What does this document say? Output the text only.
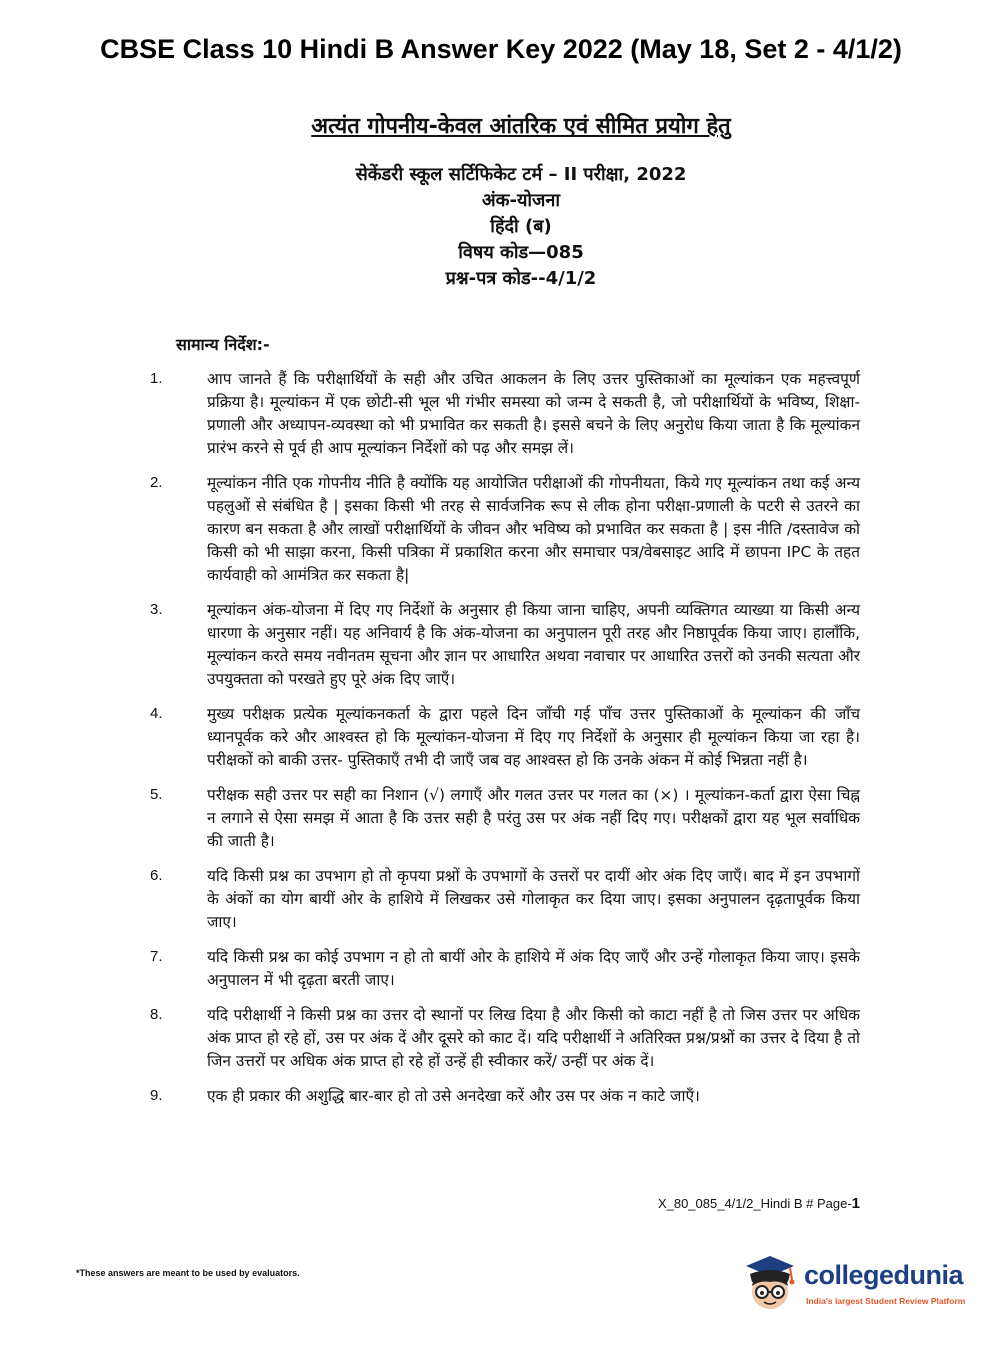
CBSE Class 10 Hindi B Answer Key 2022 (May 18, Set 2 - 4/1/2)
अत्यंत गोपनीय-केवल आंतरिक एवं सीमित प्रयोग हेतु
सेकेंडरी स्कूल सर्टिफिकेट टर्म – II परीक्षा, 2022
अंक-योजना
हिंदी (ब)
विषय कोड—085
प्रश्न-पत्र कोड--4/1/2
सामान्य निर्देश:-
1.	आप जानते हैं कि परीक्षार्थियों के सही और उचित आकलन के लिए उत्तर पुस्तिकाओं का मूल्यांकन एक महत्त्वपूर्ण प्रक्रिया है। मूल्यांकन में एक छोटी-सी भूल भी गंभीर समस्या को जन्म दे सकती है, जो परीक्षार्थियों के भविष्य, शिक्षा- प्रणाली और अध्यापन-व्यवस्था को भी प्रभावित कर सकती है। इससे बचने के लिए अनुरोध किया जाता है कि मूल्यांकन प्रारंभ करने से पूर्व ही आप मूल्यांकन निर्देशों को पढ़ और समझ लें।
2.	मूल्यांकन नीति एक गोपनीय नीति है क्योंकि यह आयोजित परीक्षाओं की गोपनीयता, किये गए मूल्यांकन तथा कई अन्य पहलुओं से संबंधित है | इसका किसी भी तरह से सार्वजनिक रूप से लीक होना परीक्षा-प्रणाली के पटरी से उतरने का कारण बन सकता है और लाखों परीक्षार्थियों के जीवन और भविष्य को प्रभावित कर सकता है | इस नीति /दस्तावेज को किसी को भी साझा करना, किसी पत्रिका में प्रकाशित करना और समाचार पत्र/वेबसाइट आदि में छापना IPC के तहत कार्यवाही को आमंत्रित कर सकता है|
3.	मूल्यांकन अंक-योजना में दिए गए निर्देशों के अनुसार ही किया जाना चाहिए, अपनी व्यक्तिगत व्याख्या या किसी अन्य धारणा के अनुसार नहीं। यह अनिवार्य है कि अंक-योजना का अनुपालन पूरी तरह और निष्ठापूर्वक किया जाए। हालाँकि, मूल्यांकन करते समय नवीनतम सूचना और ज्ञान पर आधारित अथवा नवाचार पर आधारित उत्तरों को उनकी सत्यता और उपयुक्तता को परखते हुए पूरे अंक दिए जाएँ।
4.	मुख्य परीक्षक प्रत्येक मूल्यांकनकर्ता के द्वारा पहले दिन जाँची गई पाँच उत्तर पुस्तिकाओं के मूल्यांकन की जाँच ध्यानपूर्वक करे और आश्वस्त हो कि मूल्यांकन-योजना में दिए गए निर्देशों के अनुसार ही मूल्यांकन किया जा रहा है। परीक्षकों को बाकी उत्तर- पुस्तिकाएँ तभी दी जाएँ जब वह आश्वस्त हो कि उनके अंकन में कोई भिन्नता नहीं है।
5.	परीक्षक सही उत्तर पर सही का निशान (√) लगाएँ और गलत उत्तर पर गलत का (×) । मूल्यांकन-कर्ता द्वारा ऐसा चिह्न न लगाने से ऐसा समझ में आता है कि उत्तर सही है परंतु उस पर अंक नहीं दिए गए। परीक्षकों द्वारा यह भूल सर्वाधिक की जाती है।
6.	यदि किसी प्रश्न का उपभाग हो तो कृपया प्रश्नों के उपभागों के उत्तरों पर दायीं ओर अंक दिए जाएँ। बाद में इन उपभागों के अंकों का योग बायीं ओर के हाशिये में लिखकर उसे गोलाकृत कर दिया जाए। इसका अनुपालन दृढ़तापूर्वक किया जाए।
7.	यदि किसी प्रश्न का कोई उपभाग न हो तो बायीं ओर के हाशिये में अंक दिए जाएँ और उन्हें गोलाकृत किया जाए। इसके अनुपालन में भी दृढ़ता बरती जाए।
8.	यदि परीक्षार्थी ने किसी प्रश्न का उत्तर दो स्थानों पर लिख दिया है और किसी को काटा नहीं है तो जिस उत्तर पर अधिक अंक प्राप्त हो रहे हों, उस पर अंक दें और दूसरे को काट दें। यदि परीक्षार्थी ने अतिरिक्त प्रश्न/प्रश्नों का उत्तर दे दिया है तो जिन उत्तरों पर अधिक अंक प्राप्त हो रहे हों उन्हें ही स्वीकार करें/ उन्हीं पर अंक दें।
9.	एक ही प्रकार की अशुद्धि बार-बार हो तो उसे अनदेखा करें और उस पर अंक न काटे जाएँ।
X_80_085_4/1/2_Hindi B # Page-1
*These answers are meant to be used by evaluators.	collegedunia
India's largest Student Review Platform
